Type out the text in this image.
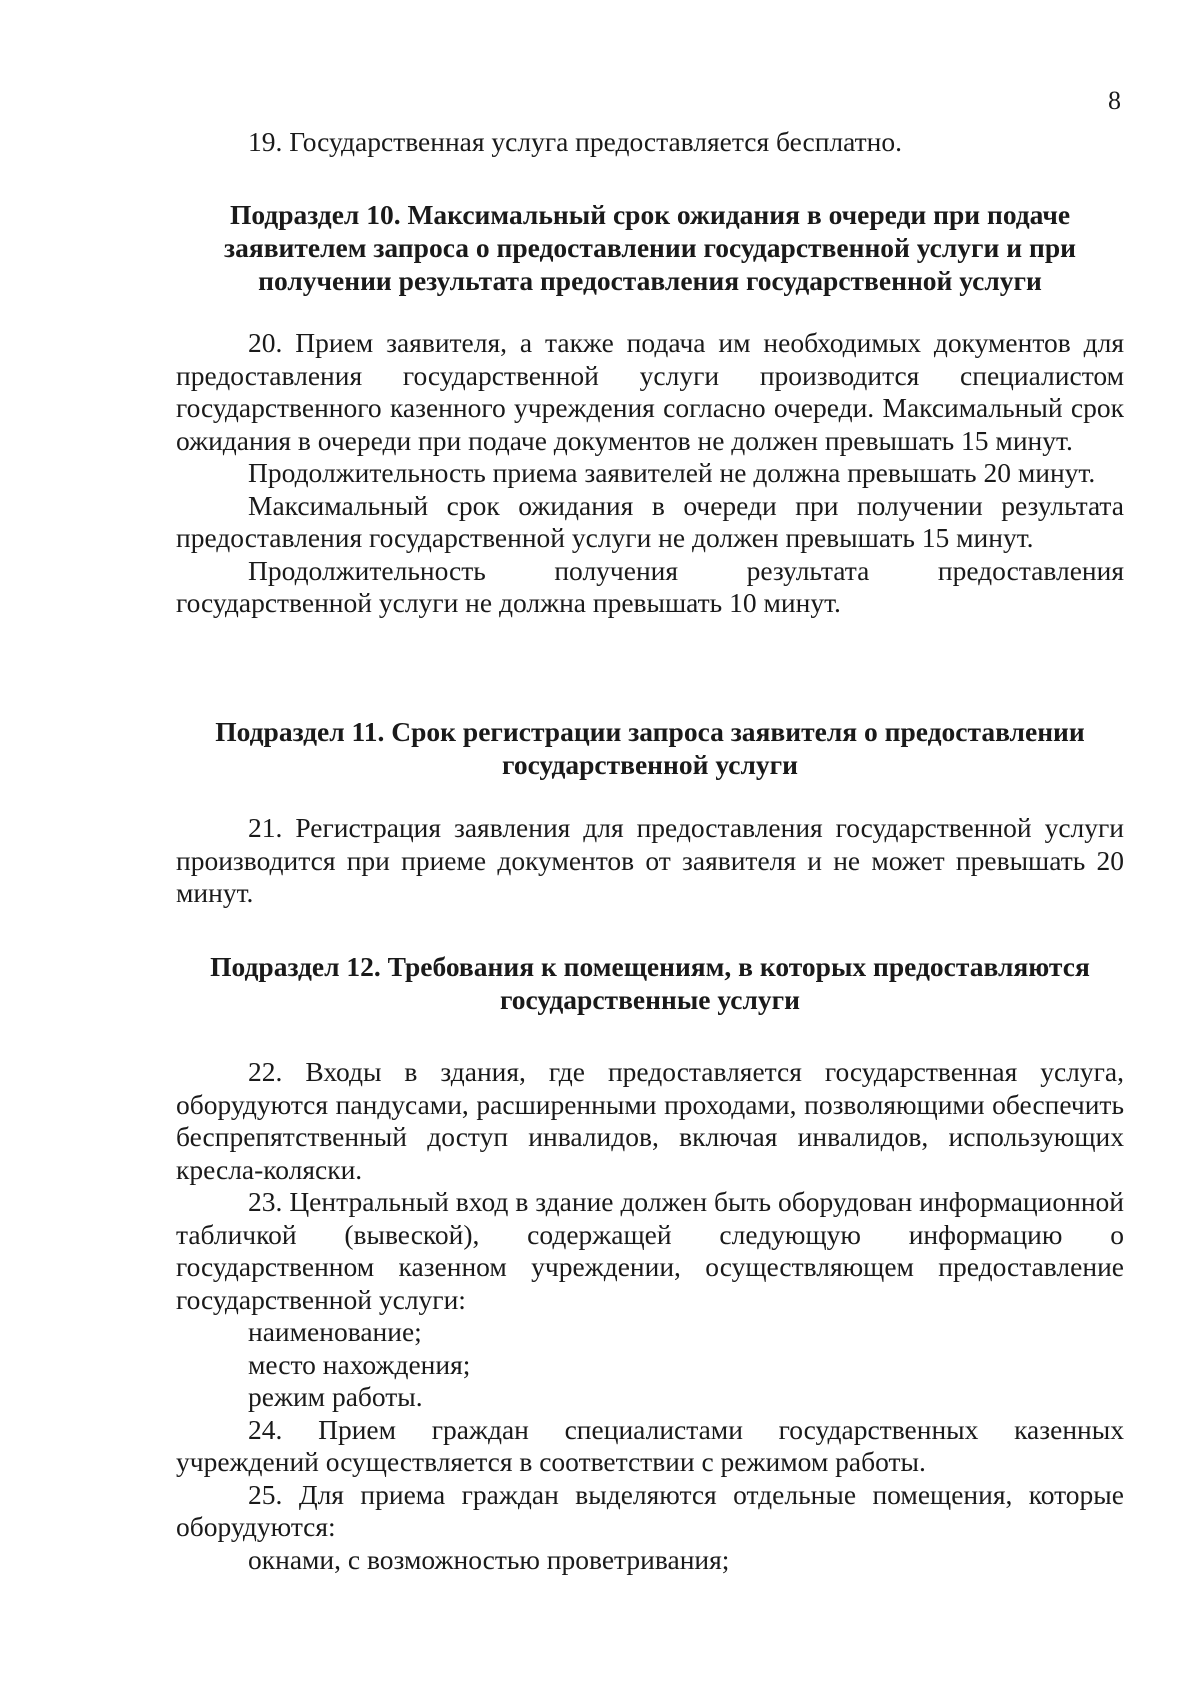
8

19. Государственная услуга предоставляется бесплатно.

Подраздел 10. Максимальный срок ожидания в очереди при подаче заявителем запроса о предоставлении государственной услуги и при получении результата предоставления государственной услуги

20. Прием заявителя, а также подача им необходимых документов для предоставления государственной услуги производится специалистом государственного казенного учреждения согласно очереди. Максимальный срок ожидания в очереди при подаче документов не должен превышать 15 минут.

Продолжительность приема заявителей не должна превышать 20 минут.

Максимальный срок ожидания в очереди при получении результата предоставления государственной услуги не должен превышать 15 минут.

Продолжительность получения результата предоставления государственной услуги не должна превышать 10 минут.

Подраздел 11. Срок регистрации запроса заявителя о предоставлении государственной услуги

21. Регистрация заявления для предоставления государственной услуги производится при приеме документов от заявителя и не может превышать 20 минут.

Подраздел 12. Требования к помещениям, в которых предоставляются государственные услуги

22. Входы в здания, где предоставляется государственная услуга, оборудуются пандусами, расширенными проходами, позволяющими обеспечить беспрепятственный доступ инвалидов, включая инвалидов, использующих кресла-коляски.

23. Центральный вход в здание должен быть оборудован информационной табличкой (вывеской), содержащей следующую информацию о государственном казенном учреждении, осуществляющем предоставление государственной услуги:

наименование;

место нахождения;

режим работы.

24. Прием граждан специалистами государственных казенных учреждений осуществляется в соответствии с режимом работы.

25. Для приема граждан выделяются отдельные помещения, которые оборудуются:

окнами, с возможностью проветривания;
